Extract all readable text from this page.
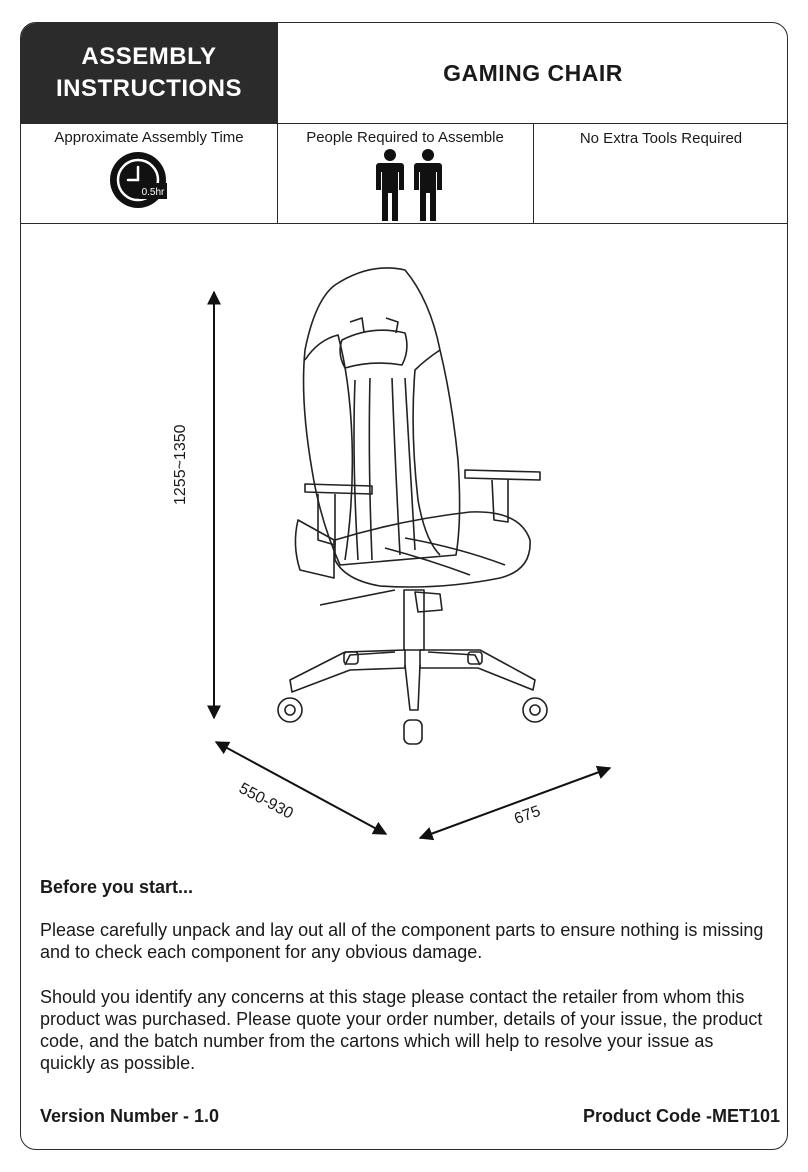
ASSEMBLY
INSTRUCTIONS
GAMING CHAIR
Approximate Assembly Time	People Required to Assemble	No Extra Tools Required
0.5hr
1255~1350
550-930	675
Before you start...
Please carefully unpack and lay out all of the component parts to ensure nothing is missing and to check each component for any obvious damage.
Should you identify any concerns at this stage please contact the retailer from whom this product was purchased. Please quote your order number, details of your issue, the product code, and the batch number from the cartons which will help to resolve your issue as quickly as possible.
Version Number - 1.0	Product Code -MET101
